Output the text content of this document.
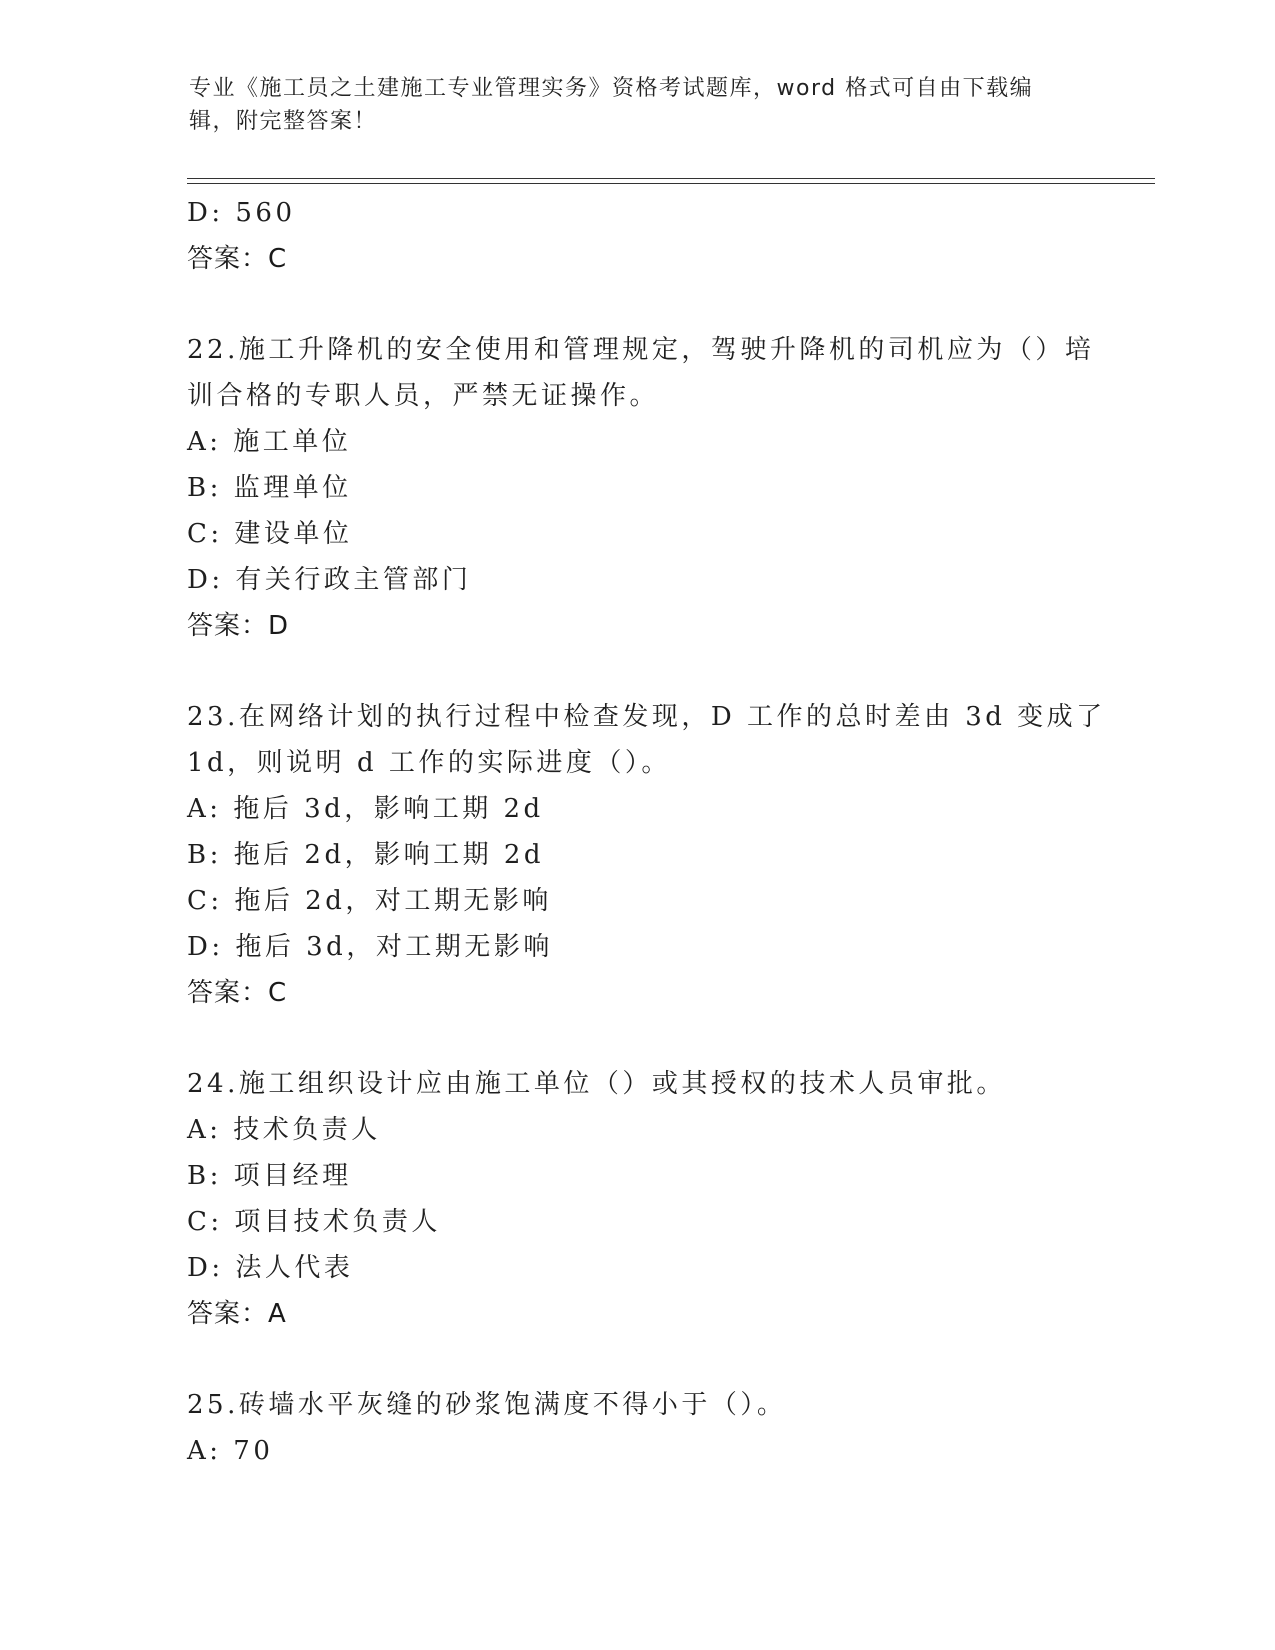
专业《施工员之土建施工专业管理实务》资格考试题库，word 格式可自由下载编
辑，附完整答案！
D: 560
答案：C
22.施工升降机的安全使用和管理规定，驾驶升降机的司机应为（）培
训合格的专职人员，严禁无证操作。
A: 施工单位
B: 监理单位
C: 建设单位
D: 有关行政主管部门
答案：D
23.在网络计划的执行过程中检查发现，D 工作的总时差由 3d 变成了
1d，则说明 d 工作的实际进度（）。
A: 拖后 3d，影响工期 2d
B: 拖后 2d，影响工期 2d
C: 拖后 2d，对工期无影响
D: 拖后 3d，对工期无影响
答案：C
24.施工组织设计应由施工单位（）或其授权的技术人员审批。
A: 技术负责人
B: 项目经理
C: 项目技术负责人
D: 法人代表
答案：A
25.砖墙水平灰缝的砂浆饱满度不得小于（）。
A: 70
